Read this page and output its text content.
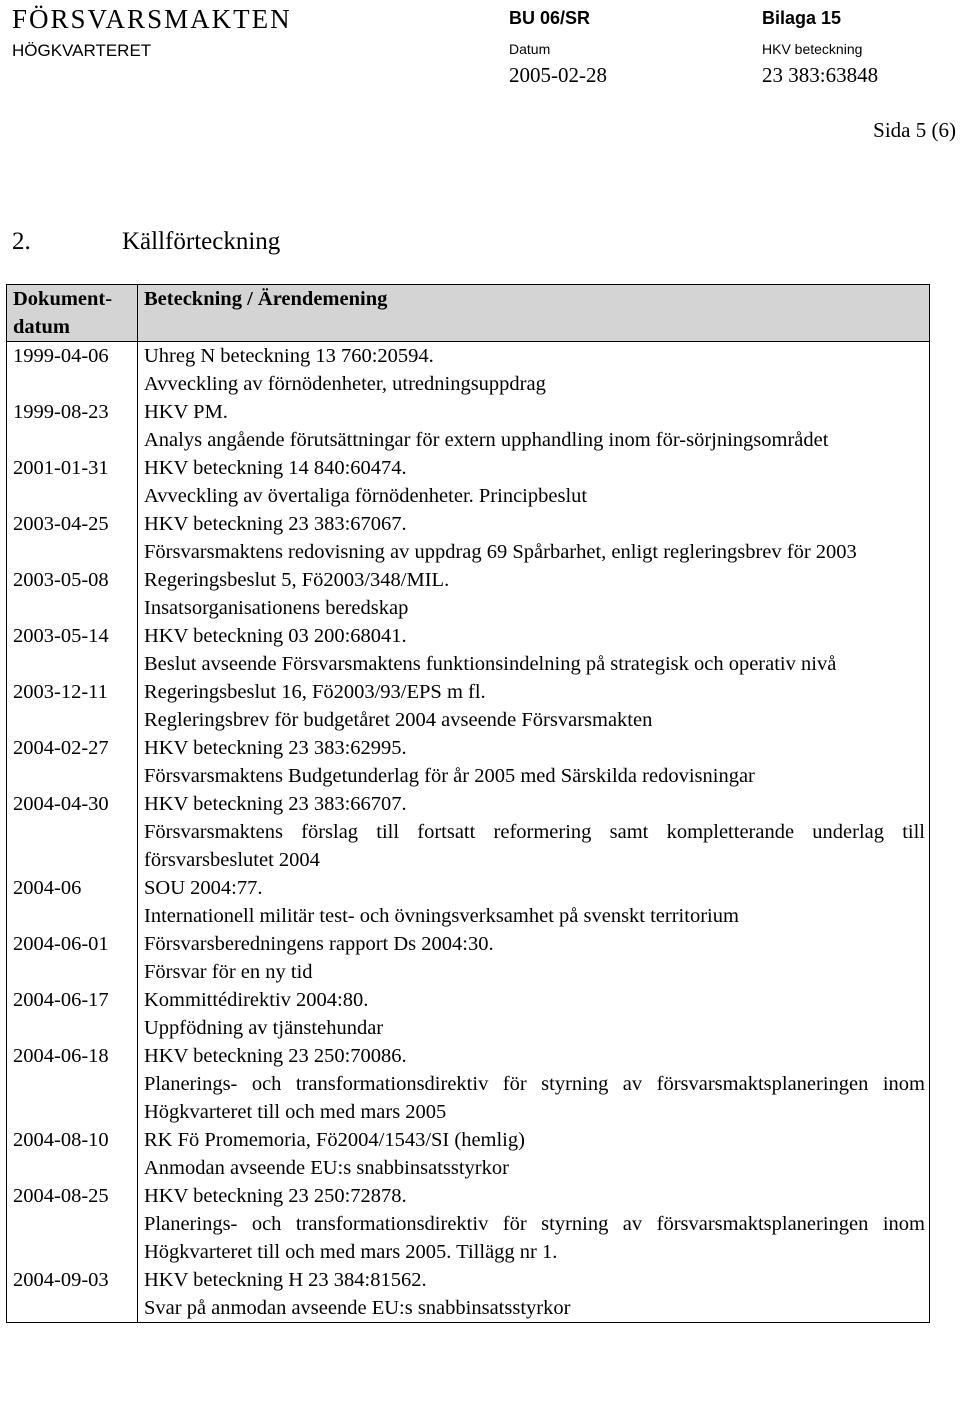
FÖRSVARSMAKTEN
HÖGKVARTERET
BU 06/SR	Bilaga 15
Datum	HKV beteckning
2005-02-28	23 383:63848
Sida 5 (6)
2.	Källförteckning
Dokument-
datum	Beteckning / Ärendemening
1999-04-06	Uhreg N beteckning 13 760:20594.
Avveckling av förnödenheter, utredningsuppdrag

1999-08-23	HKV PM.
Analys angående förutsättningar för extern upphandling inom för-sörjningsområdet

2001-01-31	HKV beteckning 14 840:60474.
Avveckling av övertaliga förnödenheter. Principbeslut

2003-04-25	HKV beteckning 23 383:67067.
Försvarsmaktens redovisning av uppdrag 69 Spårbarhet, enligt regleringsbrev för 2003

2003-05-08	Regeringsbeslut 5, Fö2003/348/MIL.
Insatsorganisationens beredskap

2003-05-14	HKV beteckning 03 200:68041.
Beslut avseende Försvarsmaktens funktionsindelning på strategisk och operativ nivå

2003-12-11	Regeringsbeslut 16, Fö2003/93/EPS m fl.
Regleringsbrev för budgetåret 2004 avseende Försvarsmakten

2004-02-27	HKV beteckning 23 383:62995.
Försvarsmaktens Budgetunderlag för år 2005 med Särskilda redovisningar

2004-04-30	HKV beteckning 23 383:66707.
Försvarsmaktens förslag till fortsatt reformering samt kompletterande underlag till försvarsbeslutet 2004

2004-06	SOU 2004:77.
Internationell militär test- och övningsverksamhet på svenskt territorium

2004-06-01	Försvarsberedningens rapport Ds 2004:30.
Försvar för en ny tid

2004-06-17	Kommittédirektiv 2004:80.
Uppfödning av tjänstehundar

2004-06-18	HKV beteckning 23 250:70086.
Planerings- och transformationsdirektiv för styrning av försvarsmaktsplaneringen inom Högkvarteret till och med mars 2005

2004-08-10	RK Fö Promemoria, Fö2004/1543/SI (hemlig)
Anmodan avseende EU:s snabbinsatsstyrkor

2004-08-25	HKV beteckning 23 250:72878.
Planerings- och transformationsdirektiv för styrning av försvarsmaktsplaneringen inom Högkvarteret till och med mars 2005. Tillägg nr 1.

2004-09-03	HKV beteckning H 23 384:81562.
Svar på anmodan avseende EU:s snabbinsatsstyrkor
